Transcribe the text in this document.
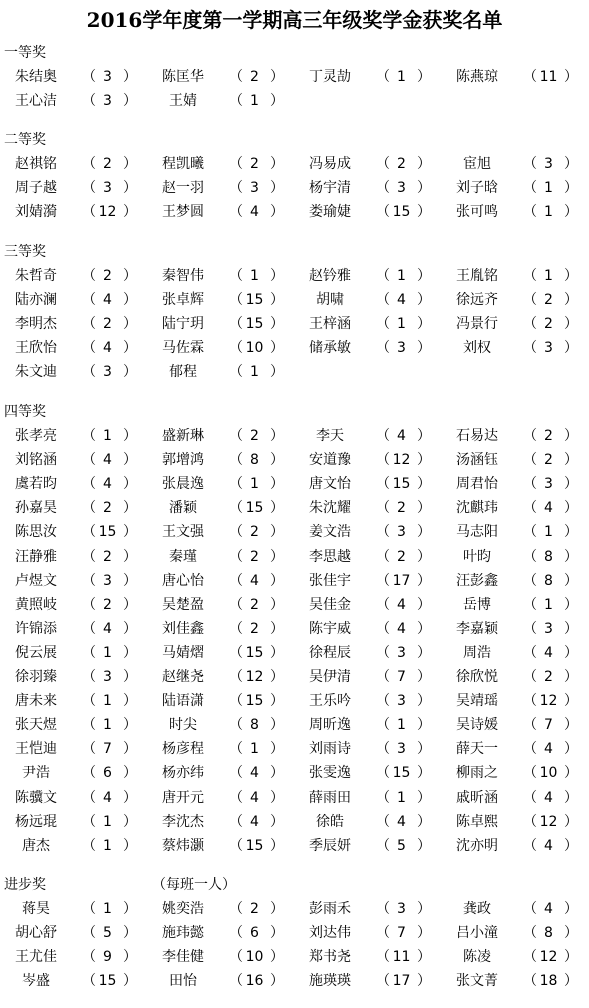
2016学年度第一学期高三年级奖学金获奖名单
一等奖
朱结奥	（ 3 ）	陈匡华	（ 2 ）	丁灵劼	（ 1 ）	陈燕琼	（ 11 ）
王心洁	（ 3 ）	王婧	（ 1 ）
二等奖
赵祺铭	（ 2 ）	程凯曦	（ 2 ）	冯易成	（ 2 ）	宦旭	（ 3 ）
周子越	（ 3 ）	赵一羽	（ 3 ）	杨宇清	（ 3 ）	刘子晗	（ 1 ）
刘婧漪	（ 12 ）	王梦圆	（ 4 ）	娄瑜婕	（ 15 ）	张可鸣	（ 1 ）
三等奖
朱哲奇	（ 2 ）	秦智伟	（ 1 ）	赵钤雅	（ 1 ）	王胤铭	（ 1 ）
陆亦澜	（ 4 ）	张卓辉	（ 15 ）	胡啸	（ 4 ）	徐远齐	（ 2 ）
李明杰	（ 2 ）	陆宁玥	（ 15 ）	王梓涵	（ 1 ）	冯景行	（ 2 ）
王欣怡	（ 4 ）	马佐霖	（ 10 ）	储承敏	（ 3 ）	刘权	（ 3 ）
朱文迪	（ 3 ）	郁程	（ 1 ）
四等奖
张孝亮	（ 1 ）	盛新琳	（ 2 ）	李天	（ 4 ）	石易达	（ 2 ）
刘铭涵	（ 4 ）	郭增鸿	（ 8 ）	安道豫	（ 12 ）	汤涵钰	（ 2 ）
虞若昀	（ 4 ）	张晨逸	（ 1 ）	唐文怡	（ 15 ）	周君怡	（ 3 ）
孙嘉昊	（ 2 ）	潘颖	（ 15 ）	朱沈耀	（ 2 ）	沈麒玮	（ 4 ）
陈思汝	（ 15 ）	王文强	（ 2 ）	姜文浩	（ 3 ）	马志阳	（ 1 ）
汪静雅	（ 2 ）	秦瑾	（ 2 ）	李思越	（ 2 ）	叶昀	（ 8 ）
卢煜文	（ 3 ）	唐心怡	（ 4 ）	张佳宇	（ 17 ）	汪彭鑫	（ 8 ）
黄照岐	（ 2 ）	吴楚盈	（ 2 ）	吴佳金	（ 4 ）	岳博	（ 1 ）
许锦添	（ 4 ）	刘佳鑫	（ 2 ）	陈宇威	（ 4 ）	李嘉颖	（ 3 ）
倪云展	（ 1 ）	马婧熠	（ 15 ）	徐程辰	（ 3 ）	周浩	（ 4 ）
徐羽臻	（ 3 ）	赵继尧	（ 12 ）	吴伊清	（ 7 ）	徐欣悦	（ 2 ）
唐未来	（ 1 ）	陆语潇	（ 15 ）	王乐吟	（ 3 ）	吴靖瑶	（ 12 ）
张天煜	（ 1 ）	时尖	（ 8 ）	周昕逸	（ 1 ）	吴诗媛	（ 7 ）
王恺迪	（ 7 ）	杨彦程	（ 1 ）	刘雨诗	（ 3 ）	薛天一	（ 4 ）
尹浩	（ 6 ）	杨亦纬	（ 4 ）	张雯逸	（ 15 ）	柳雨之	（ 10 ）
陈骥文	（ 4 ）	唐开元	（ 4 ）	薛雨田	（ 1 ）	戚昕涵	（ 4 ）
杨远琨	（ 1 ）	李沈杰	（ 4 ）	徐皓	（ 4 ）	陈卓熙	（ 12 ）
唐杰	（ 1 ）	蔡炜灏	（ 15 ）	季辰妍	（ 5 ）	沈亦明	（ 4 ）
进步奖	（每班一人）
蒋昊	（ 1 ）	姚奕浩	（ 2 ）	彭雨禾	（ 3 ）	龚政	（ 4 ）
胡心舒	（ 5 ）	施玮懿	（ 6 ）	刘达伟	（ 7 ）	吕小潼	（ 8 ）
王尤佳	（ 9 ）	李佳健	（ 10 ）	郑书尧	（ 11 ）	陈凌	（ 12 ）
岑盛	（ 15 ）	田怡	（ 16 ）	施瑛瑛	（ 17 ）	张文菁	（ 18 ）
